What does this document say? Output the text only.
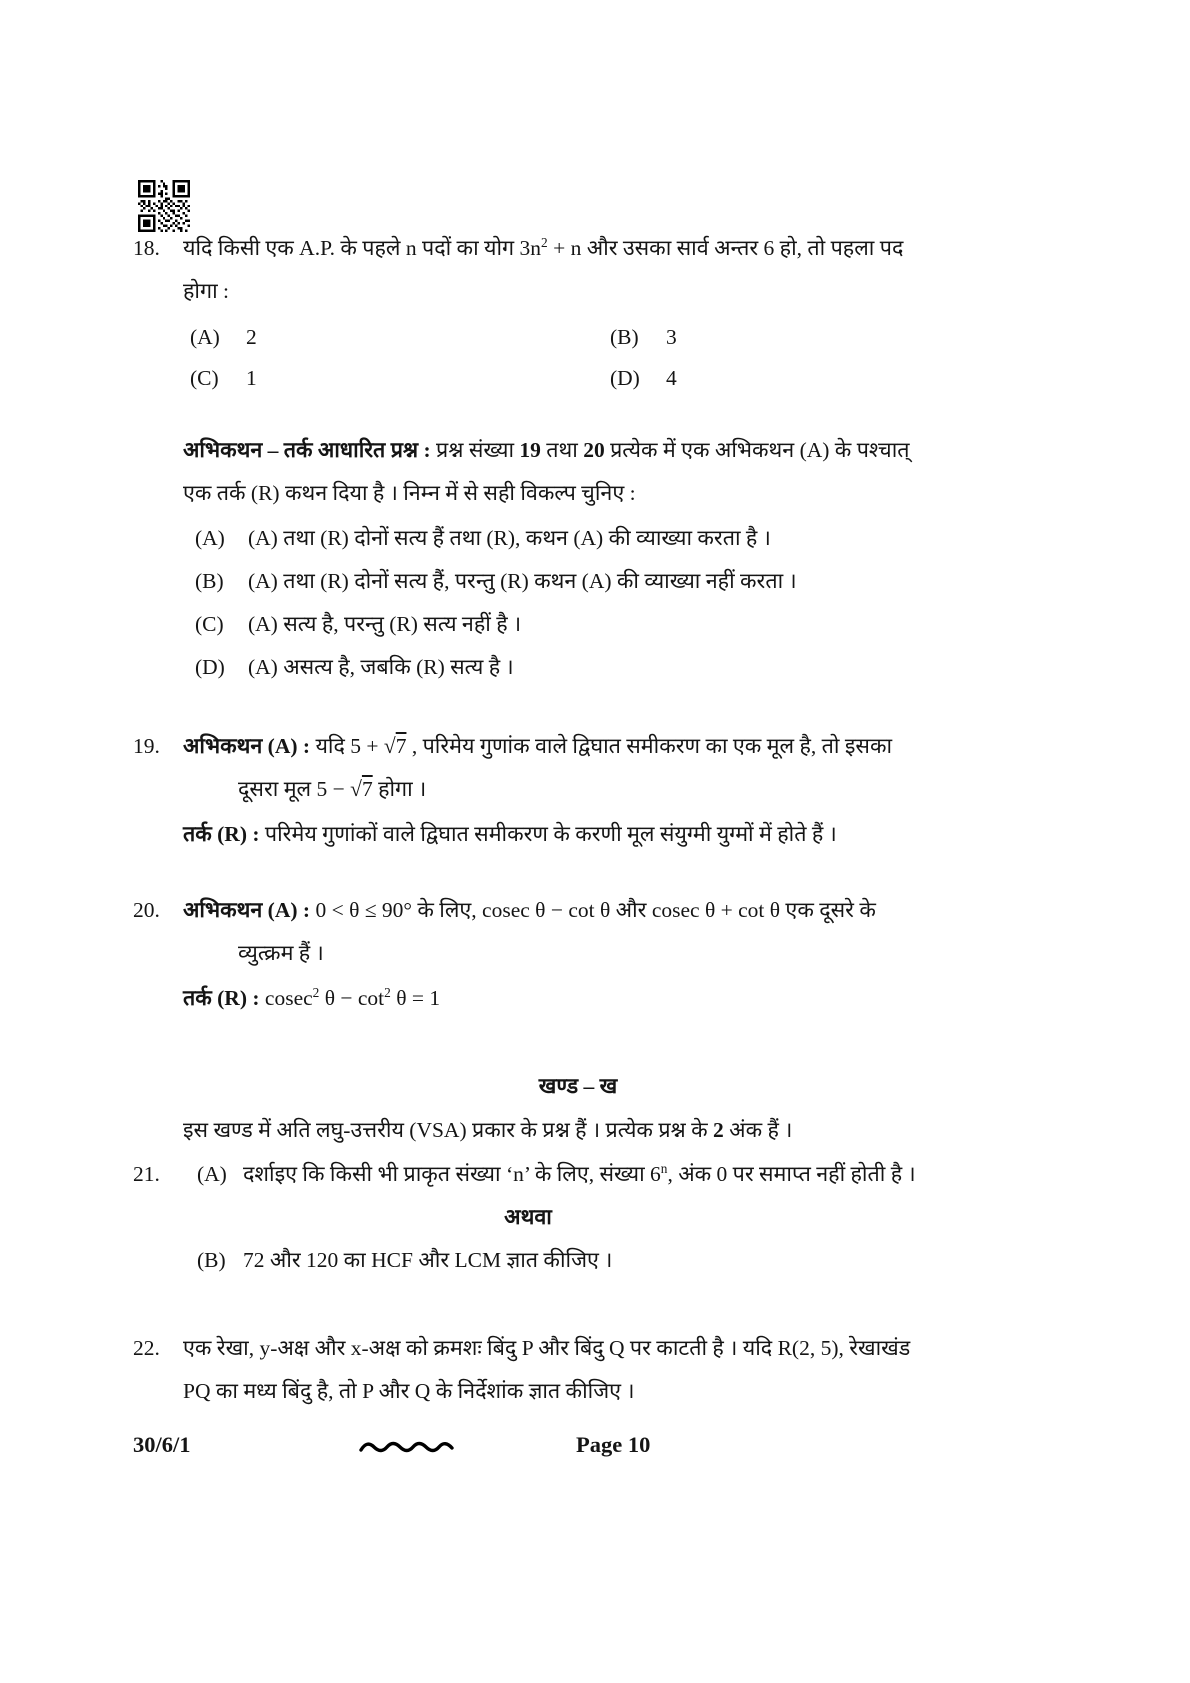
18.	यदि किसी एक A.P. के पहले n पदों का योग $3n^2 + n$ और उसका सार्व अन्तर 6 हो, तो पहला पद
होगा :
(A)	2	(B)	3
(C)	1	(D)	4
अभिकथन – तर्क आधारित प्रश्न : प्रश्न संख्या 19 तथा 20 प्रत्येक में एक अभिकथन (A) के पश्चात्
एक तर्क (R) कथन दिया है । निम्न में से सही विकल्प चुनिए :
(A)	(A) तथा (R) दोनों सत्य हैं तथा (R), कथन (A) की व्याख्या करता है ।
(B)	(A) तथा (R) दोनों सत्य हैं, परन्तु (R) कथन (A) की व्याख्या नहीं करता ।
(C)	(A) सत्य है, परन्तु (R) सत्य नहीं है ।
(D)	(A) असत्य है, जबकि (R) सत्य है ।
19.	अभिकथन (A) : यदि 5 + √7 , परिमेय गुणांक वाले द्विघात समीकरण का एक मूल है, तो इसका
दूसरा मूल 5 − √7 होगा ।
तर्क (R) : परिमेय गुणांकों वाले द्विघात समीकरण के करणी मूल संयुग्मी युग्मों में होते हैं ।
20.	अभिकथन (A) : 0 < θ ≤ 90° के लिए, cosec θ − cot θ और cosec θ + cot θ एक दूसरे के
व्युत्क्रम हैं ।
तर्क (R) : cosec$^2$ $\theta - \cot^2 \theta = 1$
खण्ड – ख
इस खण्ड में अति लघु-उत्तरीय (VSA) प्रकार के प्रश्न हैं । प्रत्येक प्रश्न के 2 अंक हैं ।
21.	(A) दर्शाइए कि किसी भी प्राकृत संख्या ‘n’ के लिए, संख्या 6$^n$, अंक 0 पर समाप्त नहीं होती है ।
अथवा
(B) 72 और 120 का HCF और LCM ज्ञात कीजिए ।
22.	एक रेखा, y-अक्ष और x-अक्ष को क्रमशः बिंदु P और बिंदु Q पर काटती है । यदि R(2, 5), रेखाखंड
PQ का मध्य बिंदु है, तो P और Q के निर्देशांक ज्ञात कीजिए ।
30/6/1	Page 10
